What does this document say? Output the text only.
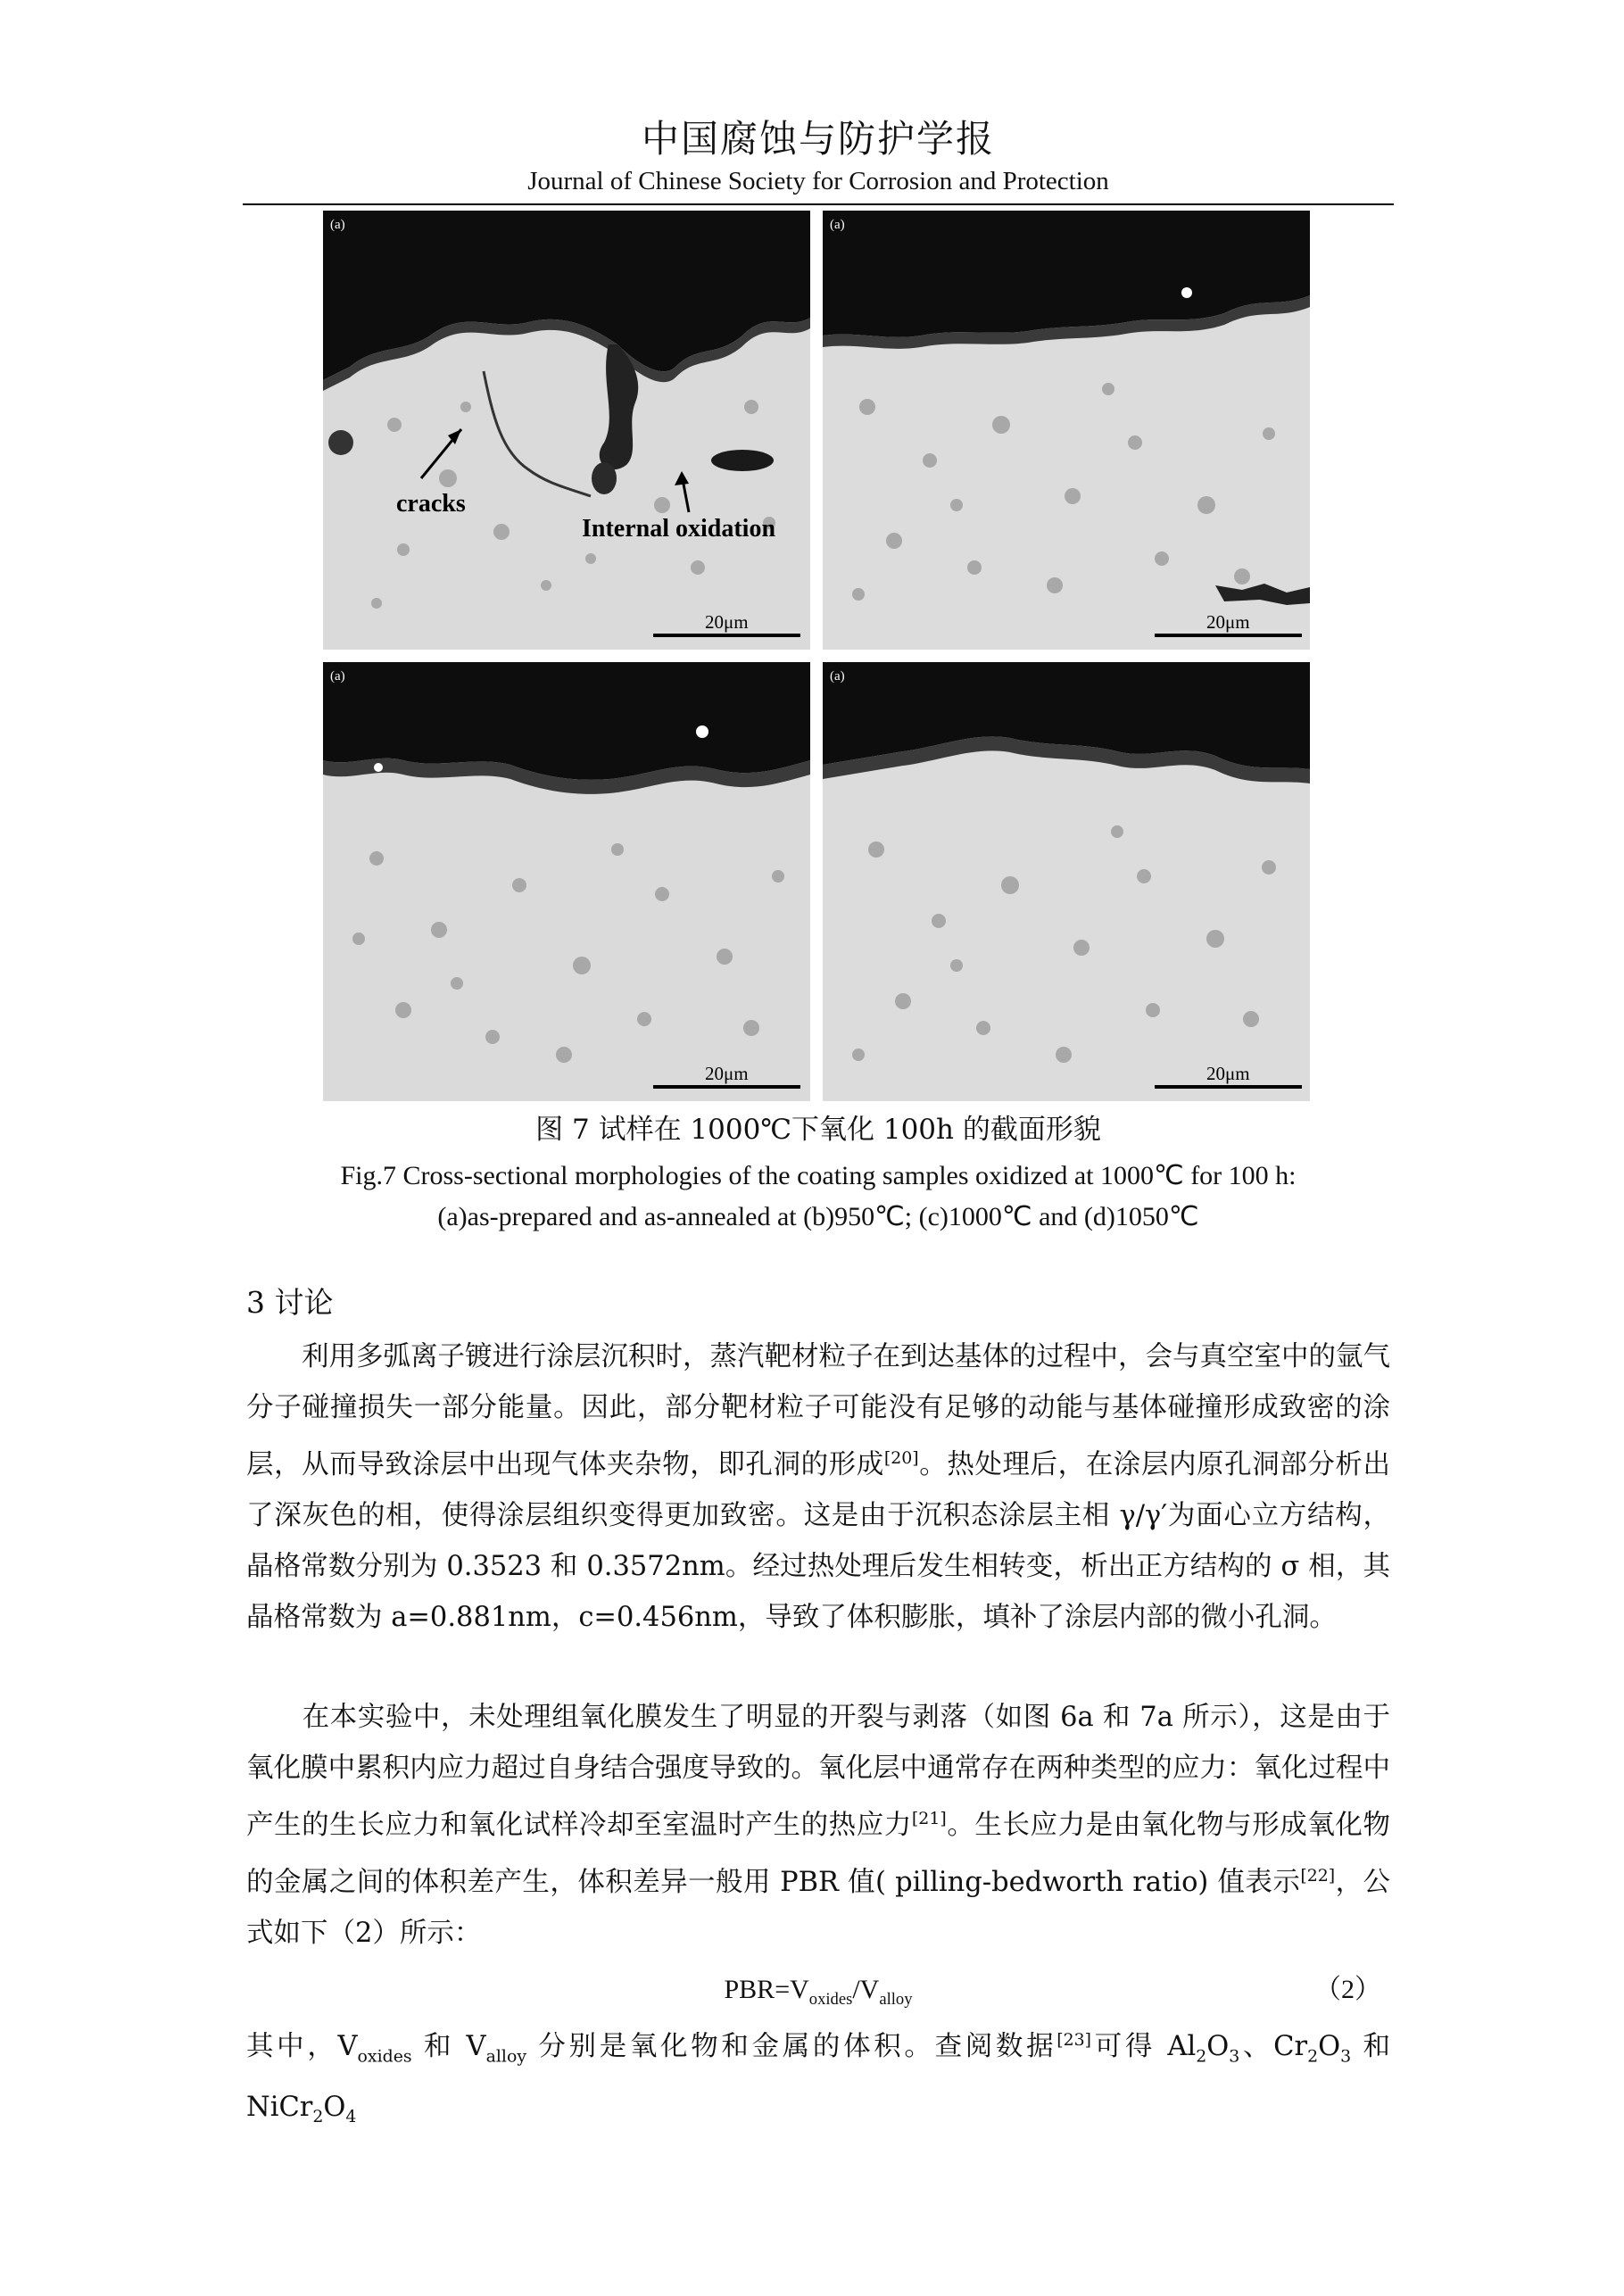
中国腐蚀与防护学报
Journal of Chinese Society for Corrosion and Protection
cracks
Internal oxidation
20μm
(a)
20μm
(a)
20μm
(a)
20μm
(a)
图 7 试样在 1000℃下氧化 100h 的截面形貌
Fig.7 Cross-sectional morphologies of the coating samples oxidized at 1000℃ for 100 h:
(a)as-prepared and as-annealed at (b)950℃; (c)1000℃ and (d)1050℃
3 讨论
利用多弧离子镀进行涂层沉积时，蒸汽靶材粒子在到达基体的过程中，会与真空室中的氩气分子碰撞损失一部分能量。因此，部分靶材粒子可能没有足够的动能与基体碰撞形成致密的涂层，从而导致涂层中出现气体夹杂物，即孔洞的形成[20]。热处理后，在涂层内原孔洞部分析出了深灰色的相，使得涂层组织变得更加致密。这是由于沉积态涂层主相 γ/γ′为面心立方结构，晶格常数分别为 0.3523 和 0.3572nm。经过热处理后发生相转变，析出正方结构的 σ 相，其晶格常数为 a=0.881nm，c=0.456nm，导致了体积膨胀，填补了涂层内部的微小孔洞。
在本实验中，未处理组氧化膜发生了明显的开裂与剥落（如图 6a 和 7a 所示），这是由于氧化膜中累积内应力超过自身结合强度导致的。氧化层中通常存在两种类型的应力：氧化过程中产生的生长应力和氧化试样冷却至室温时产生的热应力[21]。生长应力是由氧化物与形成氧化物的金属之间的体积差产生，体积差异一般用 PBR 值( pilling-bedworth ratio) 值表示[22]，公式如下（2）所示：
$PBR=V_{oxides}/V_{alloy}$	（2）
其中，$V_{oxides}$ 和 $V_{alloy}$ 分别是氧化物和金属的体积。查阅数据[23]可得 $Al_2O_3$、$Cr_2O_3$ 和 $NiCr_2O_4$
